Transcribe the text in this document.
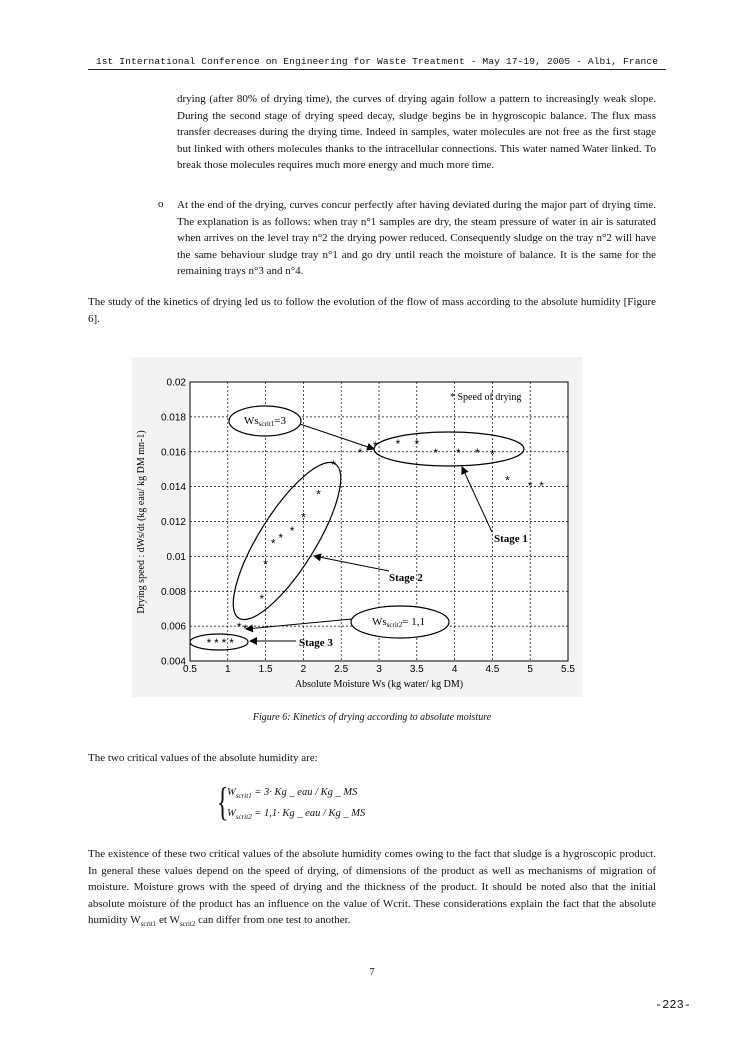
1st International Conference on Engineering for Waste Treatment - May 17-19, 2005 - Albi, France

drying (after 80% of drying time), the curves of drying again follow a pattern to increasingly weak slope. During the second stage of drying speed decay, sludge begins be in hygroscopic balance. The flux mass transfer decreases during the drying time. Indeed in samples, water molecules are not free as the first stage but linked with others molecules thanks to the intracellular connections. This water named Water linked. To break those molecules requires much more energy and much more time.

o At the end of the drying, curves concur perfectly after having deviated during the major part of drying time. The explanation is as follows: when tray n°1 samples are dry, the steam pressure of water in air is saturated when arrives on the level tray n°2 the drying power reduced. Consequently sludge on the tray n°2 will have the same behaviour sludge tray n°1 and go dry until reach the moisture of balance. It is the same for the remaining trays n°3 and n°4.

The study of the kinetics of drying led us to follow the evolution of the flow of mass according to the absolute humidity [Figure 6].

0.5	1	1.5	2	2.5	3	3.5	4	4.5	5	5.5
0.004
0.006
0.008
0.01
0.012
0.014
0.016
0.018
0.02
* * * *
* *
*
*
* * *
*
*
*
* * * *
* * * *
* * *
Wsscrit1=3
Wsscrit2= 1,1
Stage 1
Stage 2
Stage 3
* Speed of drying
Absolute Moisture Ws (kg water/ kg DM)
Drying speed : dWs/dt (kg eau/ kg DM mn-1)
Figure 6: Kinetics of drying according to absolute moisture

The two critical values of the absolute humidity are:

{
$W_{scrit1} = 3\cdot Kg$ _ eau / Kg _ MS
$W_{scrit2} = 1,1\cdot Kg$ _ eau / Kg _ MS

The existence of these two critical values of the absolute humidity comes owing to the fact that sludge is a hygroscopic product. In general these values depend on the speed of drying, of dimensions of the product as well as mechanisms of migration of moisture. Moisture grows with the speed of drying and the thickness of the product. It should be noted also that the initial absolute moisture of the product has an influence on the value of Wcrit. These considerations explain the fact that the absolute humidity $W_{scrit1}$ et $W_{scrit2}$ can differ from one test to another.

7
-223-
